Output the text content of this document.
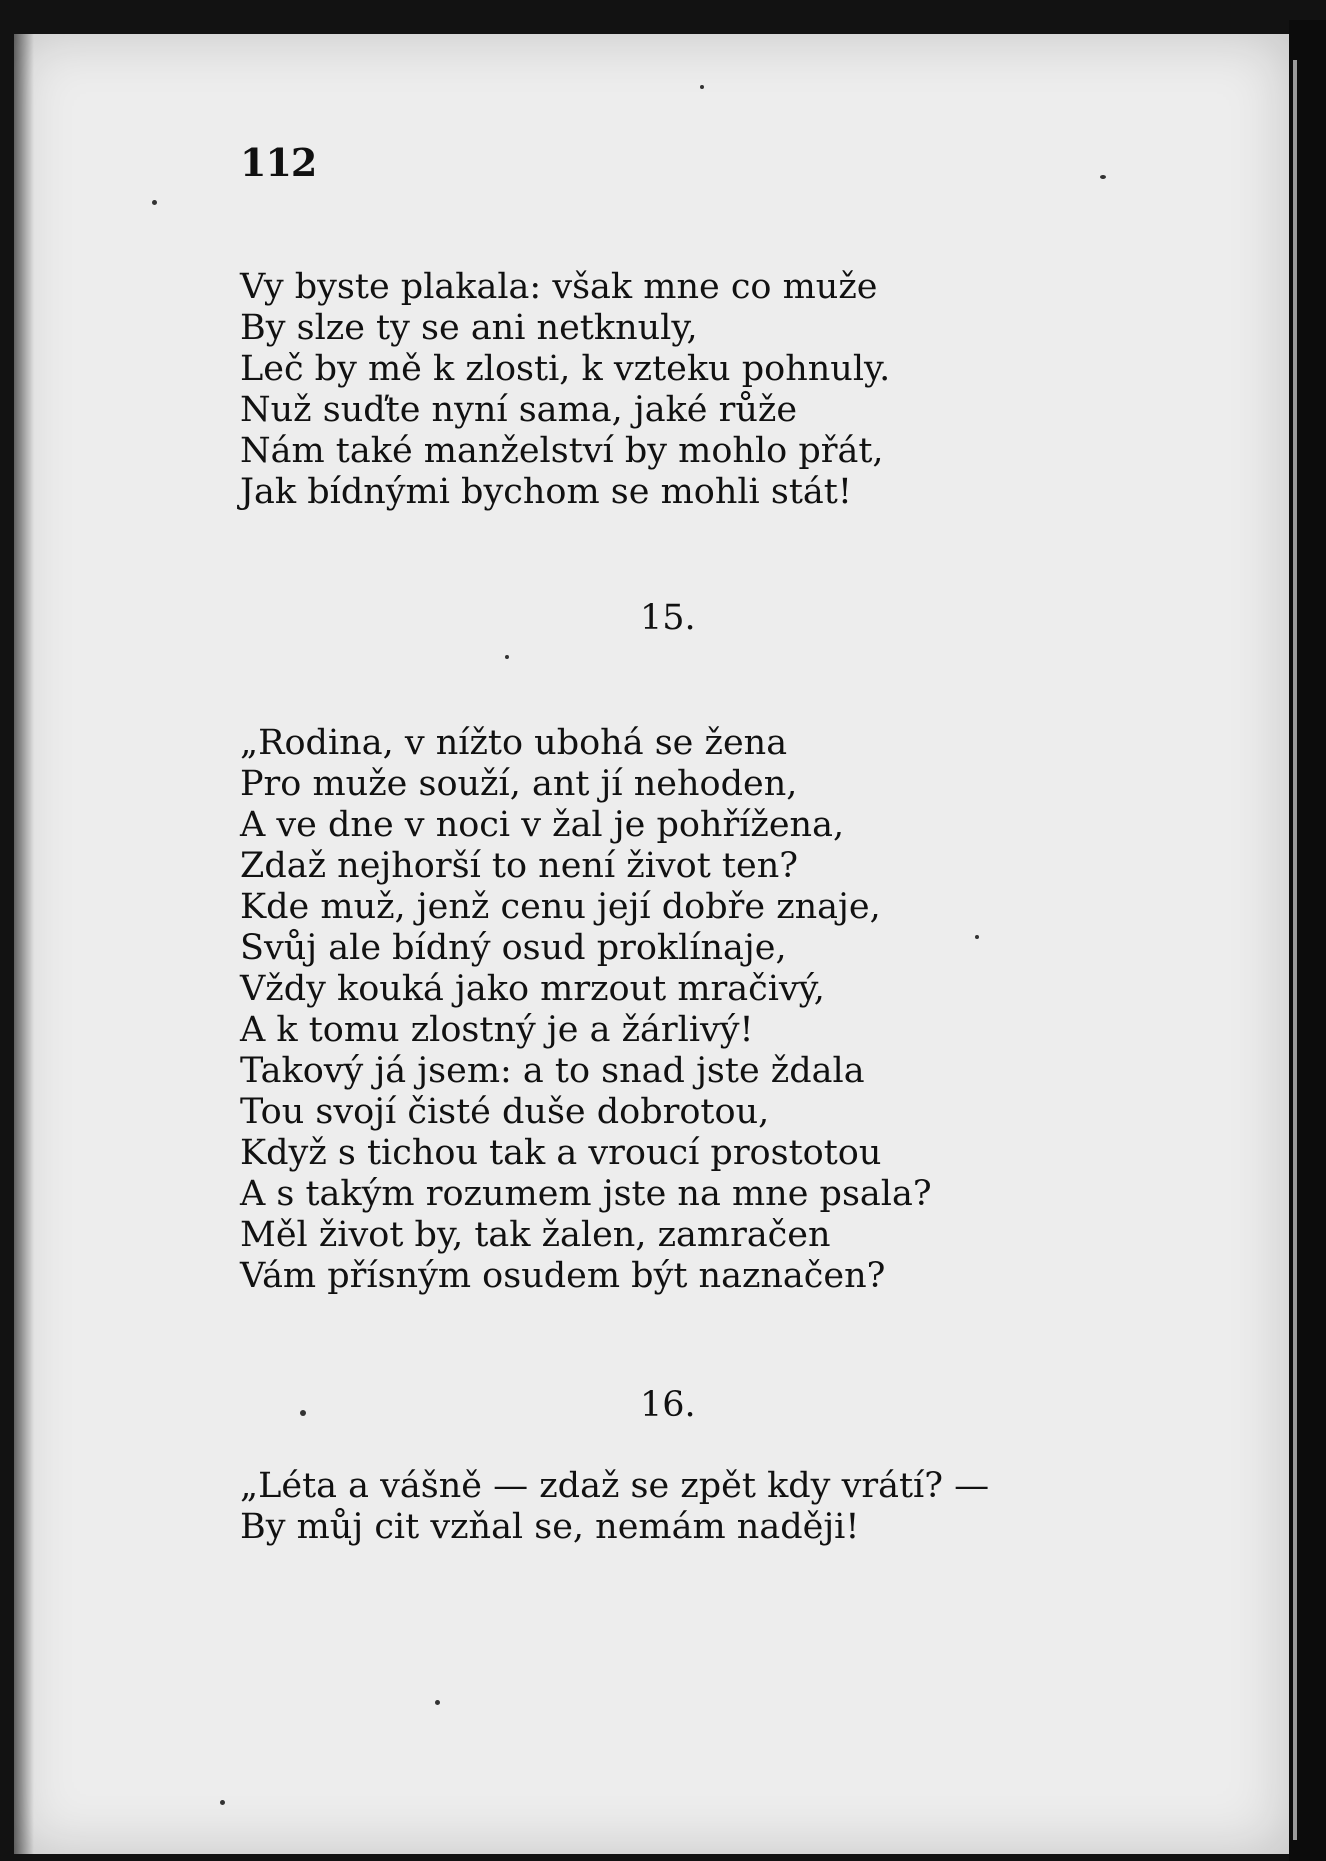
112
Vy byste plakala: však mne co muže
By slze ty se ani netknuly,
Leč by mě k zlosti, k vzteku pohnuly.
Nuž suďte nyní sama, jaké růže
Nám také manželství by mohlo přát,
Jak bídnými bychom se mohli stát!
15.
„Rodina, v nížto ubohá se žena
Pro muže souží, ant jí nehoden,
A ve dne v noci v žal je pohřížena,
Zdaž nejhorší to není život ten?
Kde muž, jenž cenu její dobře znaje,
Svůj ale bídný osud proklínaje,
Vždy kouká jako mrzout mračivý,
A k tomu zlostný je a žárlivý!
Takový já jsem: a to snad jste ždala
Tou svojí čisté duše dobrotou,
Když s tichou tak a vroucí prostotou
A s takým rozumem jste na mne psala?
Měl život by, tak žalen, zamračen
Vám přísným osudem být naznačen?
16.
„Léta a vášně — zdaž se zpět kdy vrátí? —
By můj cit vzňal se, nemám naději!
